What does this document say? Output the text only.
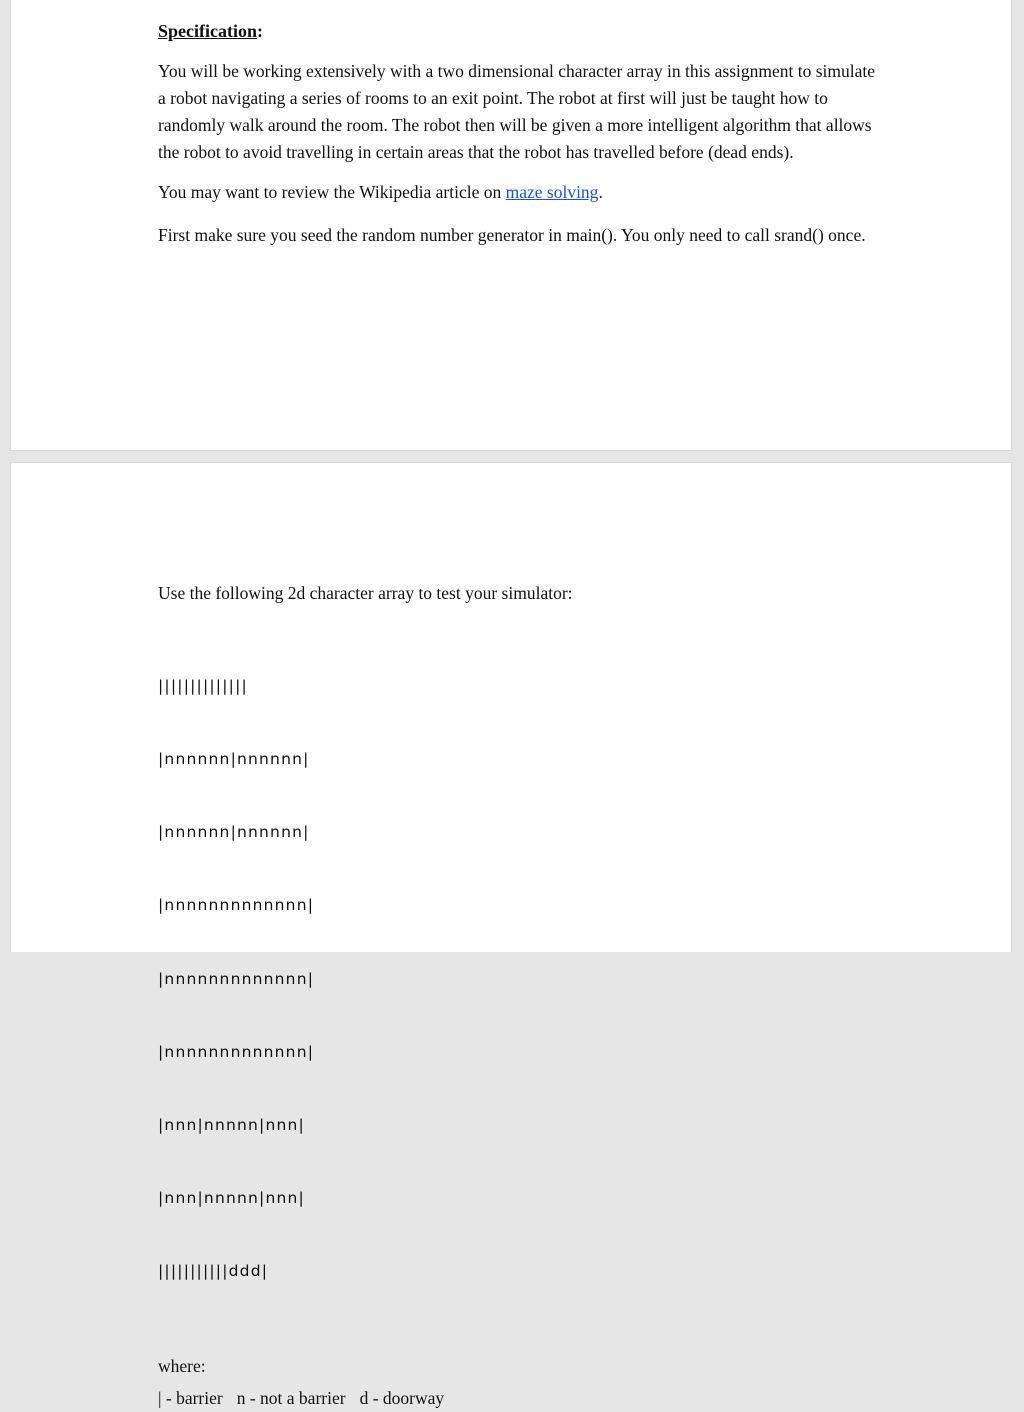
Specification:

You will be working extensively with a two dimensional character array in this assignment to simulate a robot navigating a series of rooms to an exit point. The robot at first will just be taught how to randomly walk around the room. The robot then will be given a more intelligent algorithm that allows the robot to avoid travelling in certain areas that the robot has travelled before (dead ends).

You may want to review the Wikipedia article on maze solving.

First make sure you seed the random number generator in main(). You only need to call srand() once.

Use the following 2d character array to test your simulator:

||||||||||||||

|nnnnnn|nnnnnn|

|nnnnnn|nnnnnn|

|nnnnnnnnnnnnn|

|nnnnnnnnnnnnn|

|nnnnnnnnnnnnn|

|nnn|nnnnn|nnn|

|nnn|nnnnn|nnn|

|||||||||||ddd|

where:
| - barrier n - not a barrier d - doorway
